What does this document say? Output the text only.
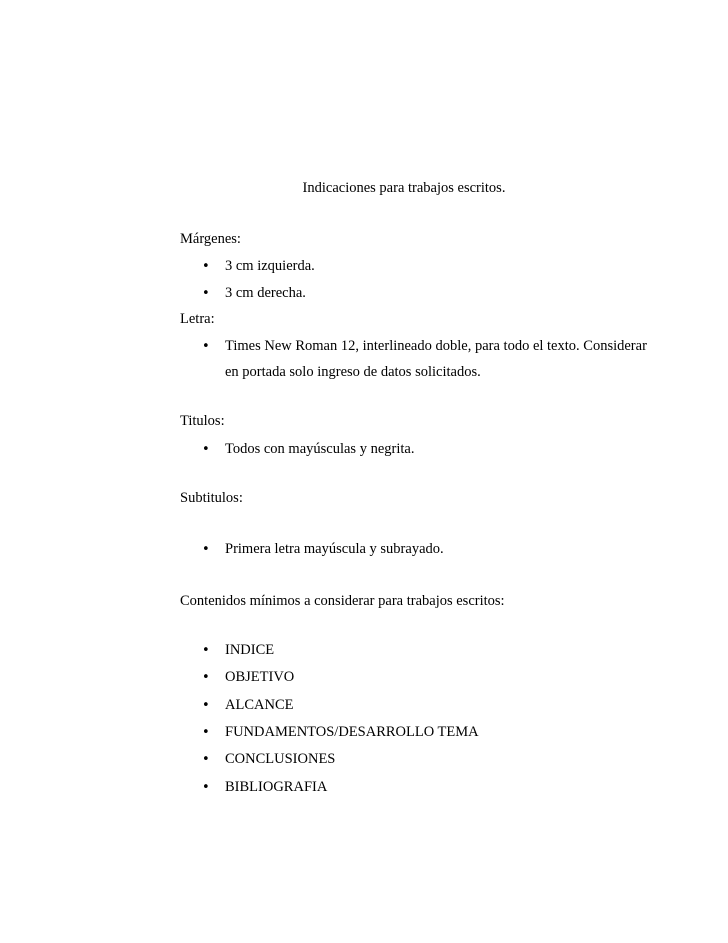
Indicaciones para trabajos escritos.
Márgenes:
•
3 cm izquierda.
•
3 cm derecha.
Letra:
•
Times New Roman 12, interlineado doble, para todo el texto. Considerar
en portada solo ingreso de datos solicitados.
Titulos:
•
Todos con mayúsculas y negrita.
Subtitulos:
•
Primera letra mayúscula y subrayado.
Contenidos mínimos a considerar para trabajos escritos:
•
INDICE
•
OBJETIVO
•
ALCANCE
•
FUNDAMENTOS/DESARROLLO TEMA
•
CONCLUSIONES
•
BIBLIOGRAFIA
